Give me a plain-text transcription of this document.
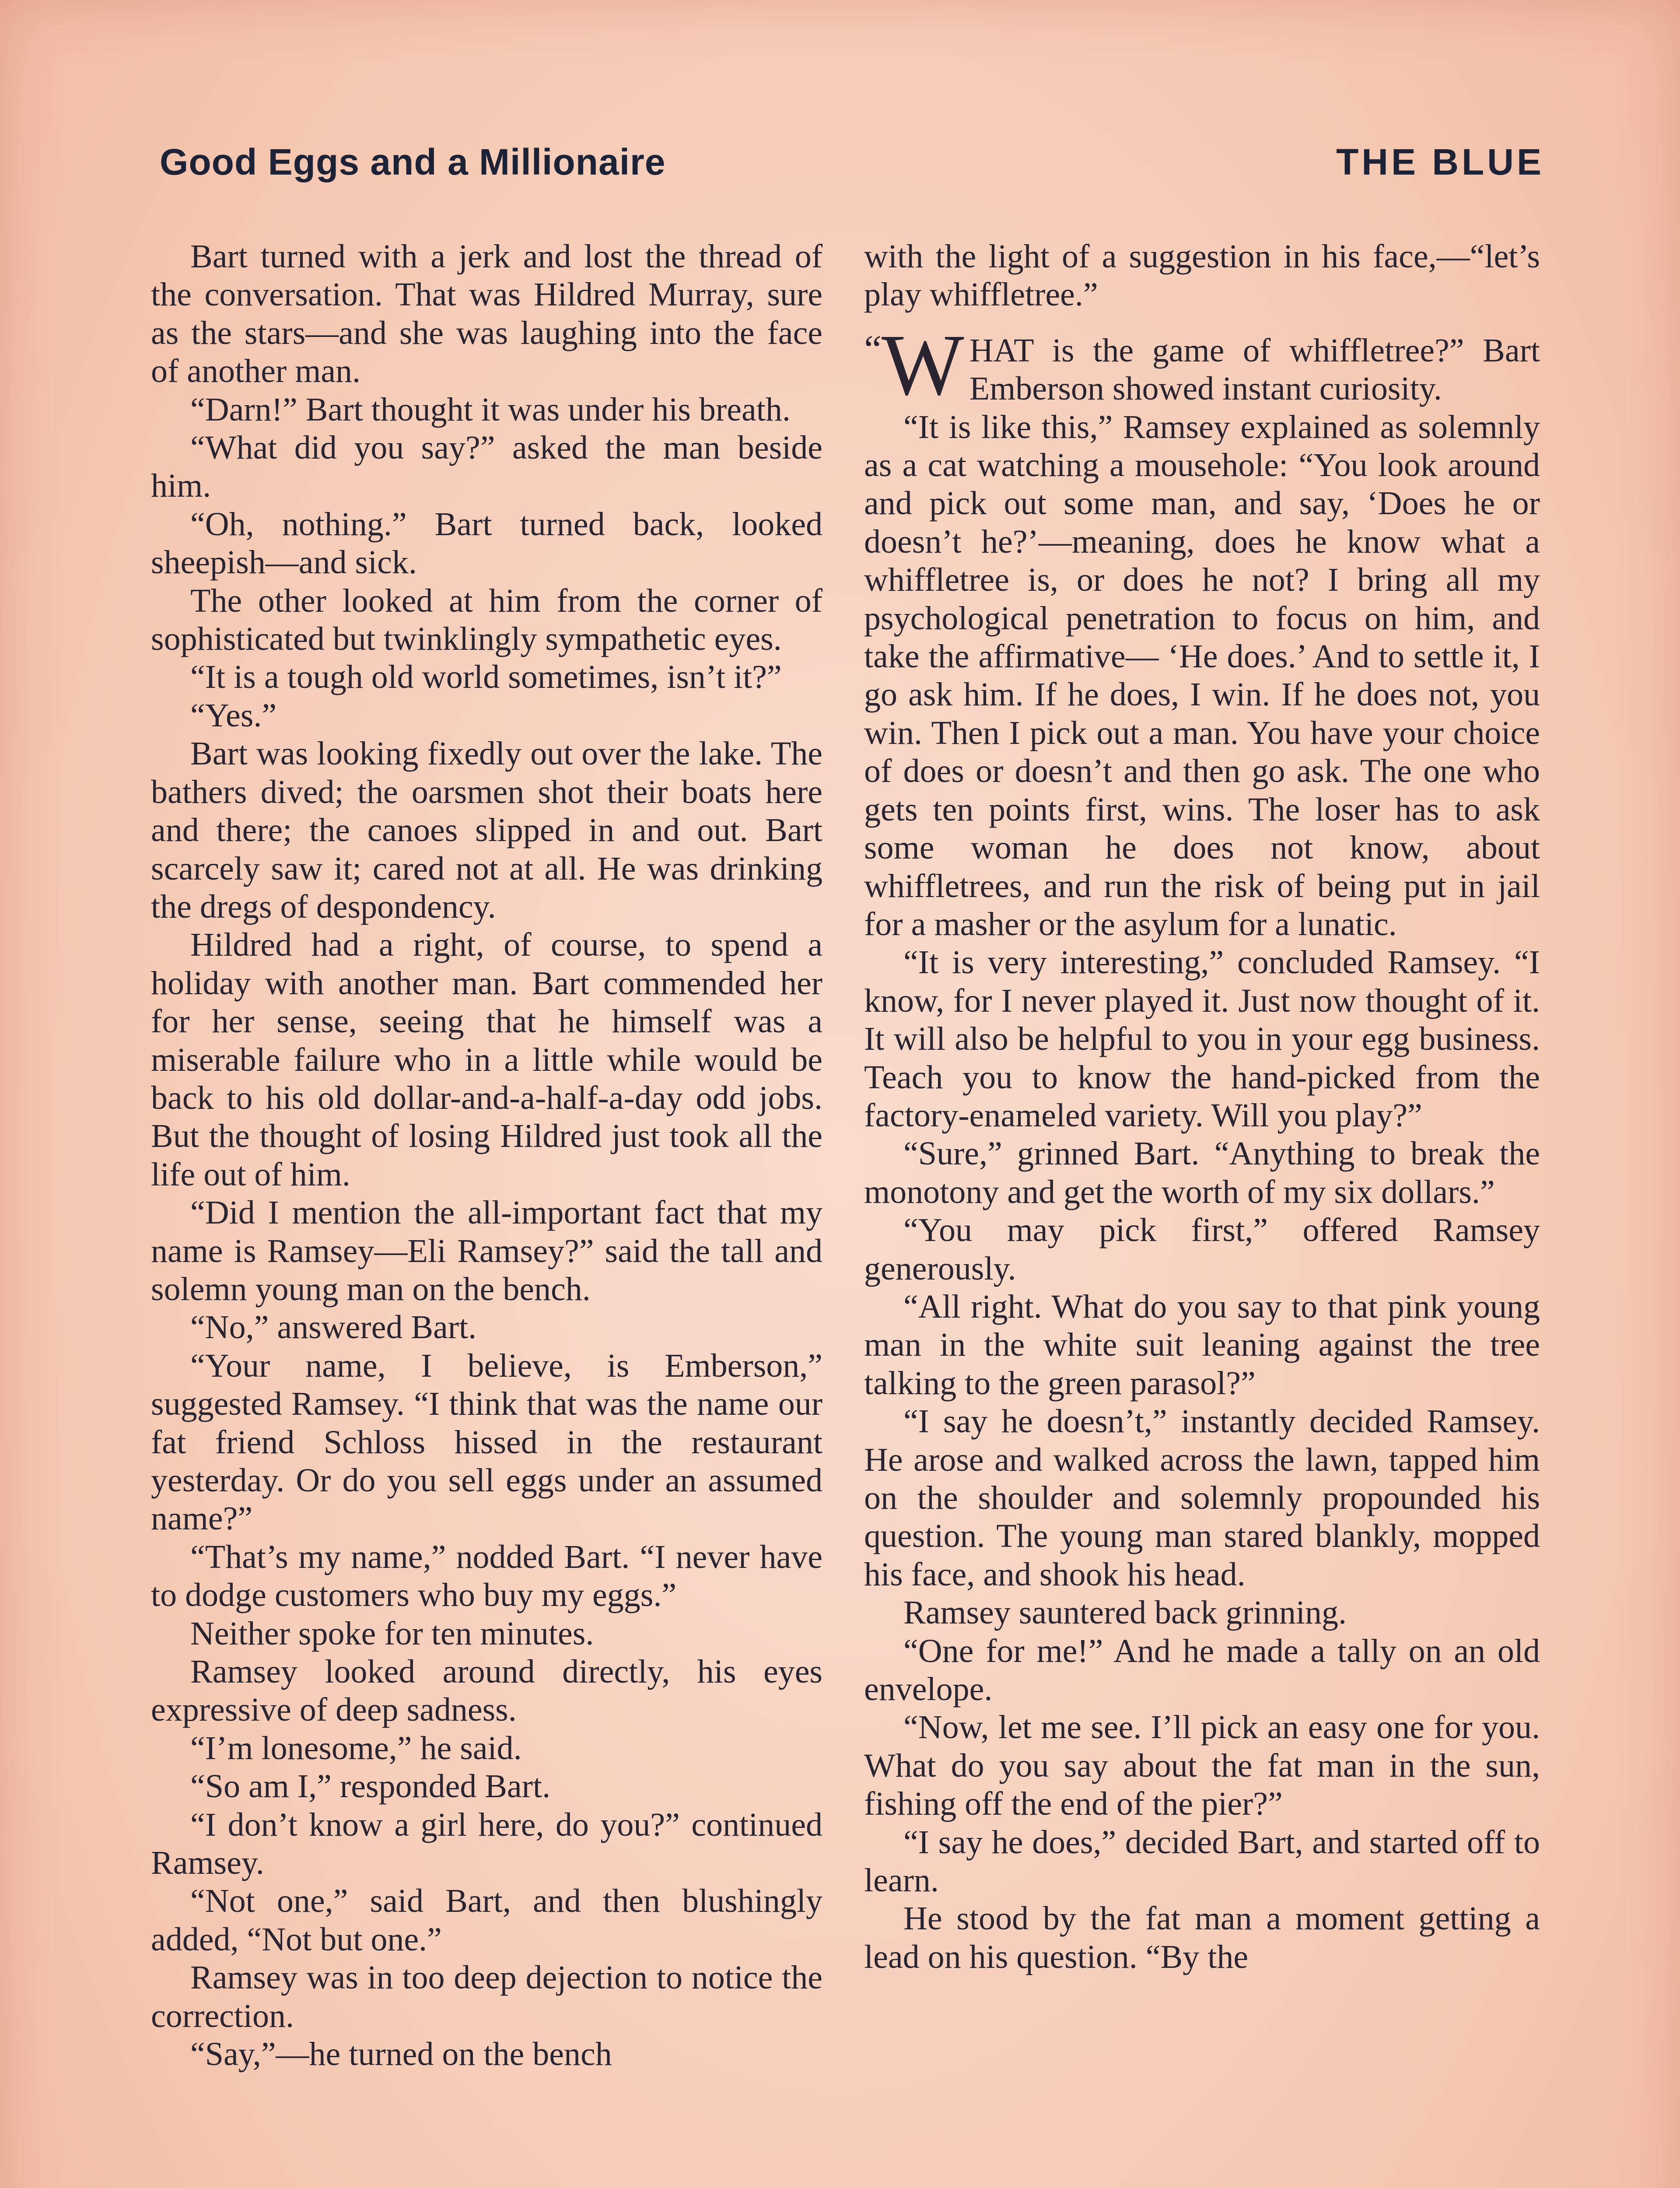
Good Eggs and a Millionaire	THE BLUE

Bart turned with a jerk and lost the thread of the conversation. That was Hildred Murray, sure as the stars—and she was laughing into the face of another man.

“Darn!” Bart thought it was under his breath.

“What did you say?” asked the man beside him.

“Oh, nothing.” Bart turned back, looked sheepish—and sick.

The other looked at him from the corner of sophisticated but twinklingly sympathetic eyes.

“It is a tough old world sometimes, isn’t it?”

“Yes.”

Bart was looking fixedly out over the lake. The bathers dived; the oarsmen shot their boats here and there; the canoes slipped in and out. Bart scarcely saw it; cared not at all. He was drinking the dregs of despondency.

Hildred had a right, of course, to spend a holiday with another man. Bart commended her for her sense, seeing that he himself was a miserable failure who in a little while would be back to his old dollar-and-a-half-a-day odd jobs. But the thought of losing Hildred just took all the life out of him.

“Did I mention the all-important fact that my name is Ramsey—Eli Ramsey?” said the tall and solemn young man on the bench.

“No,” answered Bart.

“Your name, I believe, is Emberson,” suggested Ramsey. “I think that was the name our fat friend Schloss hissed in the restaurant yesterday. Or do you sell eggs under an assumed name?”

“That’s my name,” nodded Bart. “I never have to dodge customers who buy my eggs.”

Neither spoke for ten minutes.

Ramsey looked around directly, his eyes expressive of deep sadness.

“I’m lonesome,” he said.

“So am I,” responded Bart.

“I don’t know a girl here, do you?” continued Ramsey.

“Not one,” said Bart, and then blushingly added, “Not but one.”

Ramsey was in too deep dejection to notice the correction.

“Say,”—he turned on the bench

with the light of a suggestion in his face,—“let’s play whiffletree.”

“ W HAT is the game of whiffletree?” Bart Emberson showed instant curiosity.

“It is like this,” Ramsey explained as solemnly as a cat watching a mousehole: “You look around and pick out some man, and say, ‘Does he or doesn’t he?’—meaning, does he know what a whiffletree is, or does he not? I bring all my psychological penetration to focus on him, and take the affirmative— ‘He does.’ And to settle it, I go ask him. If he does, I win. If he does not, you win. Then I pick out a man. You have your choice of does or doesn’t and then go ask. The one who gets ten points first, wins. The loser has to ask some woman he does not know, about whiffletrees, and run the risk of being put in jail for a masher or the asylum for a lunatic.

“It is very interesting,” concluded Ramsey. “I know, for I never played it. Just now thought of it. It will also be helpful to you in your egg business. Teach you to know the hand-picked from the factory-enameled variety. Will you play?”

“Sure,” grinned Bart. “Anything to break the monotony and get the worth of my six dollars.”

“You may pick first,” offered Ramsey generously.

“All right. What do you say to that pink young man in the white suit leaning against the tree talking to the green parasol?”

“I say he doesn’t,” instantly decided Ramsey. He arose and walked across the lawn, tapped him on the shoulder and solemnly propounded his question. The young man stared blankly, mopped his face, and shook his head.

Ramsey sauntered back grinning.

“One for me!” And he made a tally on an old envelope.

“Now, let me see. I’ll pick an easy one for you. What do you say about the fat man in the sun, fishing off the end of the pier?”

“I say he does,” decided Bart, and started off to learn.

He stood by the fat man a moment getting a lead on his question. “By the
